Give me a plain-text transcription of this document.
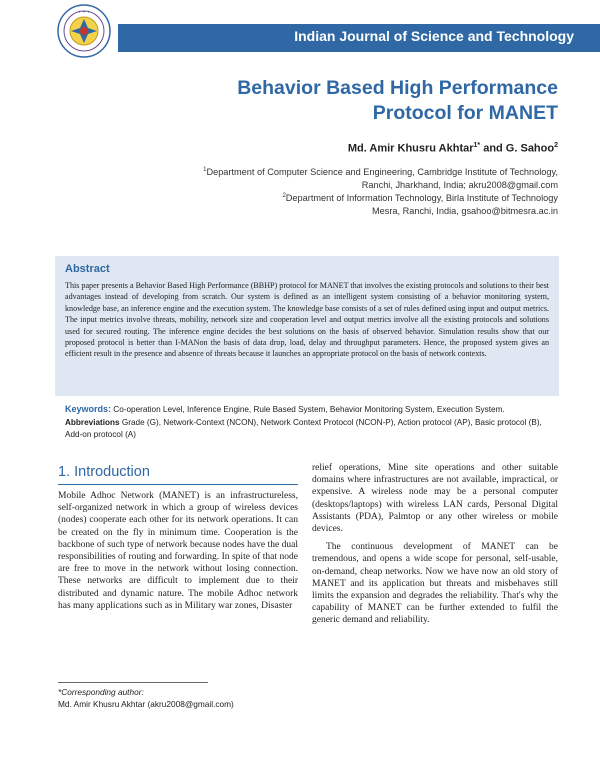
✦ ✦ ✦
Indian Journal of Science and Technology
Behavior Based High Performance
Protocol for MANET
Md. Amir Khusru Akhtar$^{1*}$ and G. Sahoo$^2$
$^1$Department of Computer Science and Engineering, Cambridge Institute of Technology,
Ranchi, Jharkhand, India; akru2008@gmail.com
$^2$Department of Information Technology, Birla Institute of Technology
Mesra, Ranchi, India, gsahoo@bitmesra.ac.in
Abstract
This paper presents a Behavior Based High Performance (BBHP) protocol for MANET that involves the existing protocols and solutions to their best advantages instead of developing from scratch. Our system is defined as an intelligent system consisting of a behavior monitoring system, knowledge base, an inference engine and the execution system. The knowledge base consists of a set of rules defined using input and output metrics. The input metrics involve threats, mobility, network size and cooperation level and output metrics involve all the existing protocols and solutions used for secured routing. The inference engine decides the best solutions on the basis of observed behavior. Simulation results show that our proposed protocol is better than I-MANon the basis of data drop, load, delay and throughput parameters. Hence, the proposed system gives an efficient result in the presence and absence of threats because it launches an appropriate protocol on the basis of network contexts.
Keywords: Co-operation Level, Inference Engine, Rule Based System, Behavior Monitoring System, Execution System.
Abbreviations Grade (G), Network-Context (NCON), Network Context Protocol (NCON-P), Action protocol (AP), Basic protocol (B), Add-on protocol (A)
1. Introduction

Mobile Adhoc Network (MANET) is an infrastructureless, self-organized network in which a group of wireless devices (nodes) cooperate each other for its network operations. It can be created on the fly in minimum time. Cooperation is the backbone of such type of network because nodes have the dual responsibilities of routing and forwarding. In spite of that node are free to move in the network without losing connection. These networks are difficult to implement due to their distributed and dynamic nature. The mobile Adhoc network has many applications such as in Military war zones, Disaster

relief operations, Mine site operations and other suitable domains where infrastructures are not available, impractical, or expensive. A wireless node may be a personal computer (desktops/laptops) with wireless LAN cards, Personal Digital Assistants (PDA), Palmtop or any other wireless or mobile devices.

The continuous development of MANET can be tremendous, and opens a wide scope for personal, self-usable, on-demand, cheap networks. Now we have now an old story of MANET and its application but threats and misbehaves still limits the expansion and degrades the reliability. That's why the capability of MANET can be further extended to fulfil the generic demand and reliability.

*Corresponding author:
Md. Amir Khusru Akhtar (akru2008@gmail.com)
